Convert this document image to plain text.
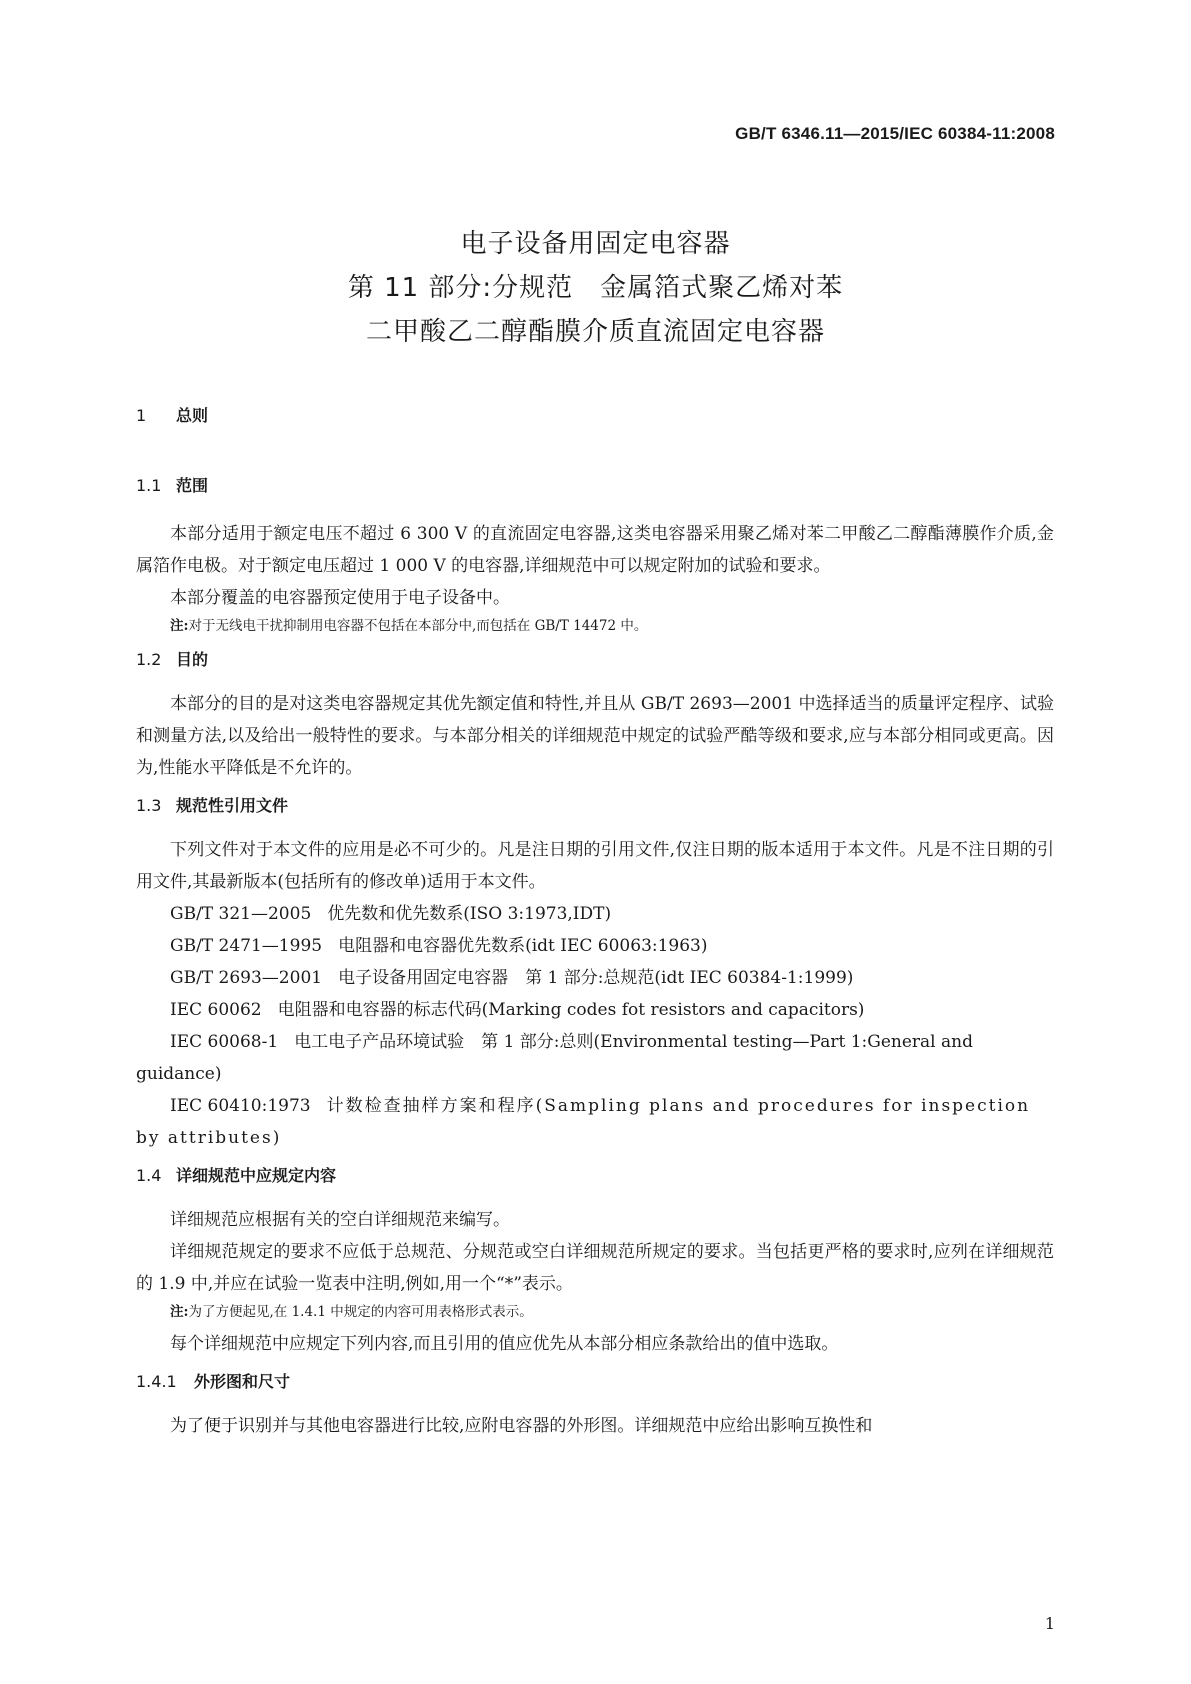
GB/T 6346.11—2015/IEC 60384-11:2008
电子设备用固定电容器
第 11 部分:分规范　金属箔式聚乙烯对苯
二甲酸乙二醇酯膜介质直流固定电容器
1 总则
1.1 范围

本部分适用于额定电压不超过 6 300 V 的直流固定电容器,这类电容器采用聚乙烯对苯二甲酸乙二醇酯薄膜作介质,金属箔作电极。对于额定电压超过 1 000 V 的电容器,详细规范中可以规定附加的试验和要求。

本部分覆盖的电容器预定使用于电子设备中。

注:对于无线电干扰抑制用电容器不包括在本部分中,而包括在 GB/T 14472 中。

1.2 目的

本部分的目的是对这类电容器规定其优先额定值和特性,并且从 GB/T 2693—2001 中选择适当的质量评定程序、试验和测量方法,以及给出一般特性的要求。与本部分相关的详细规范中规定的试验严酷等级和要求,应与本部分相同或更高。因为,性能水平降低是不允许的。

1.3 规范性引用文件

下列文件对于本文件的应用是必不可少的。凡是注日期的引用文件,仅注日期的版本适用于本文件。凡是不注日期的引用文件,其最新版本(包括所有的修改单)适用于本文件。

GB/T 321—2005 优先数和优先数系(ISO 3:1973,IDT)

GB/T 2471—1995 电阻器和电容器优先数系(idt IEC 60063:1963)

GB/T 2693—2001 电子设备用固定电容器　第 1 部分:总规范(idt IEC 60384-1:1999)

IEC 60062 电阻器和电容器的标志代码(Marking codes fot resistors and capacitors)

IEC 60068-1 电工电子产品环境试验　第 1 部分:总则(Environmental testing—Part 1:General and guidance)

IEC 60410:1973 计数检查抽样方案和程序(Sampling plans and procedures for inspection by attributes)

1.4 详细规范中应规定内容

详细规范应根据有关的空白详细规范来编写。

详细规范规定的要求不应低于总规范、分规范或空白详细规范所规定的要求。当包括更严格的要求时,应列在详细规范的 1.9 中,并应在试验一览表中注明,例如,用一个“*”表示。

注:为了方便起见,在 1.4.1 中规定的内容可用表格形式表示。

每个详细规范中应规定下列内容,而且引用的值应优先从本部分相应条款给出的值中选取。

1.4.1 外形图和尺寸

为了便于识别并与其他电容器进行比较,应附电容器的外形图。详细规范中应给出影响互换性和

1
